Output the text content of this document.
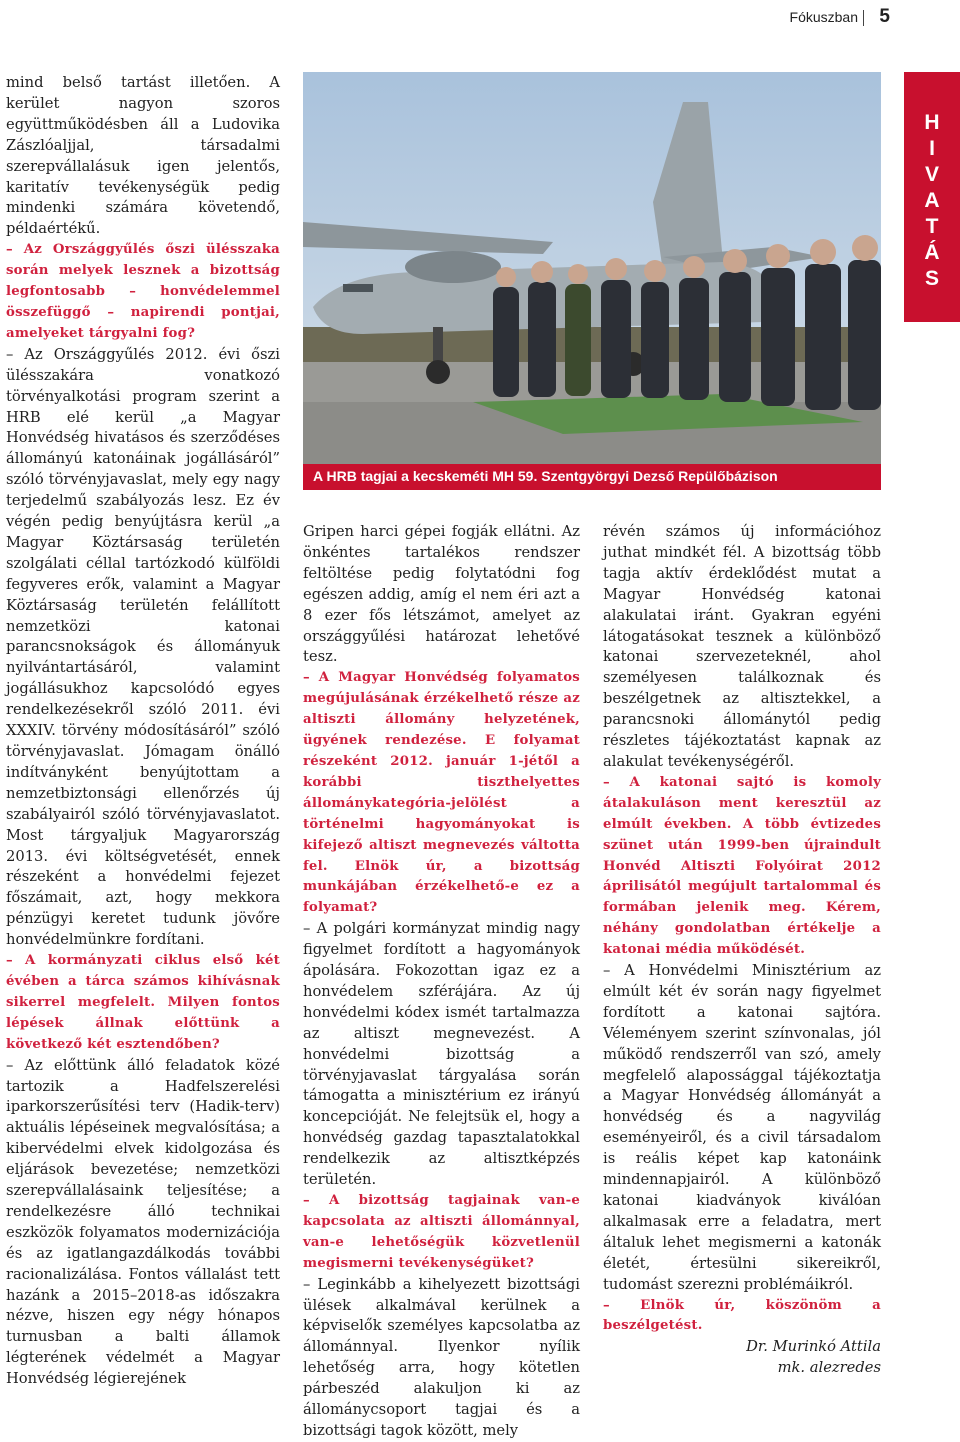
Fókuszban 5
H
I
V
A
T
Á
S

mind belső tartást illetően. A kerület nagyon szoros együttműködésben áll a Ludovika Zászlóaljjal, társadalmi szerepvállalásuk igen jelentős, karitatív tevékenységük pedig mindenki számára követendő, példaértékű.

– Az Országgyűlés őszi ülésszaka során melyek lesznek a bizottság legfontosabb – honvédelemmel összefüggő – napirendi pontjai, amelyeket tárgyalni fog?

– Az Országgyűlés 2012. évi őszi ülésszakára vonatkozó törvényalkotási program szerint a HRB elé kerül „a Magyar Honvédség hivatásos és szerződéses állományú katonáinak jogállásáról” szóló törvényjavaslat, mely egy nagy terjedelmű szabályozás lesz. Ez év végén pedig benyújtásra kerül „a Magyar Köztársaság területén szolgálati céllal tartózkodó külföldi fegyveres erők, valamint a Magyar Köztársaság területén felállított nemzetközi katonai parancsnokságok és állományuk nyilvántartásáról, valamint jogállásukhoz kapcsolódó egyes rendelkezésekről szóló 2011. évi XXXIV. törvény módosításáról” szóló törvényjavaslat. Jómagam önálló indítványként benyújtottam a nemzetbiztonsági ellenőrzés új szabályairól szóló törvényjavaslatot. Most tárgyaljuk Magyarország 2013. évi költségvetését, ennek részeként a honvédelmi fejezet főszámait, azt, hogy mekkora pénzügyi keretet tudunk jövőre honvédelmünkre fordítani.

– A kormányzati ciklus első két évében a tárca számos kihívásnak sikerrel megfelelt. Milyen fontos lépések állnak előttünk a következő két esztendőben?

– Az előttünk álló feladatok közé tartozik a Hadfelszerelési iparkorszerűsítési terv (Hadik-terv) aktuális lépéseinek megvalósítása; a kibervédelmi elvek kidolgozása és eljárások bevezetése; nemzetközi szerepvállalásaink teljesítése; a rendelkezésre álló technikai eszközök folyamatos modernizációja és az igatlangazdálkodás további racionalizálása. Fontos vállalást tett hazánk a 2015–2018-as időszakra nézve, hiszen egy négy hónapos turnusban a balti államok légterének védelmét a Magyar Honvédség légierejének

A HRB tagjai a kecskeméti MH 59. Szentgyörgyi Dezső Repülőbázison

Gripen harci gépei fogják ellátni. Az önkéntes tartalékos rendszer feltöltése pedig folytatódni fog egészen addig, amíg el nem éri azt a 8 ezer fős létszámot, amelyet az országgyűlési határozat lehetővé tesz.

– A Magyar Honvédség folyamatos megújulásának érzékelhető része az altiszti állomány helyzetének, ügyének rendezése. E folyamat részeként 2012. január 1-jétől a korábbi tiszthelyettes állománykategória-jelölést a történelmi hagyományokat is kifejező altiszt megnevezés váltotta fel. Elnök úr, a bizottság munkájában érzékelhető-e ez a folyamat?

– A polgári kormányzat mindig nagy figyelmet fordított a hagyományok ápolására. Fokozottan igaz ez a honvédelem szférájára. Az új honvédelmi kódex ismét tartalmazza az altiszt megnevezést. A honvédelmi bizottság a törvényjavaslat tárgyalása során támogatta a minisztérium ez irányú koncepcióját. Ne felejtsük el, hogy a honvédség gazdag tapasztalatokkal rendelkezik az altisztképzés területén.

– A bizottság tagjainak van-e kapcsolata az altiszti állománnyal, van-e lehetőségük közvetlenül megismerni tevékenységüket?

– Leginkább a kihelyezett bizottsági ülések alkalmával kerülnek a képviselők személyes kapcsolatba az állománnyal. Ilyenkor nyílik lehetőség arra, hogy kötetlen párbeszéd alakuljon ki az állománycsoport tagjai és a bizottsági tagok között, mely

révén számos új információhoz juthat mindkét fél. A bizottság több tagja aktív érdeklődést mutat a Magyar Honvédség katonai alakulatai iránt. Gyakran egyéni látogatásokat tesznek a különböző katonai szervezeteknél, ahol személyesen találkoznak és beszélgetnek az altisztekkel, a parancsnoki állománytól pedig részletes tájékoztatást kapnak az alakulat tevékenységéről.

– A katonai sajtó is komoly átalakuláson ment keresztül az elmúlt években. A több évtizedes szünet után 1999-ben újraindult Honvéd Altiszti Folyóirat 2012 áprilisától megújult tartalommal és formában jelenik meg. Kérem, néhány gondolatban értékelje a katonai média működését.

– A Honvédelmi Minisztérium az elmúlt két év során nagy figyelmet fordított a katonai sajtóra. Véleményem szerint színvonalas, jól működő rendszerről van szó, amely megfelelő alapossággal tájékoztatja a Magyar Honvédség állományát a honvédség és a nagyvilág eseményeiről, és a civil társadalom is reális képet kap katonáink mindennapjairól. A különböző katonai kiadványok kiválóan alkalmasak erre a feladatra, mert általuk lehet megismerni a katonák életét, értesülni sikereikről, tudomást szerezni problémáikról.

– Elnök úr, köszönöm a beszélgetést.

Dr. Murinkó Attila

mk. alezredes
